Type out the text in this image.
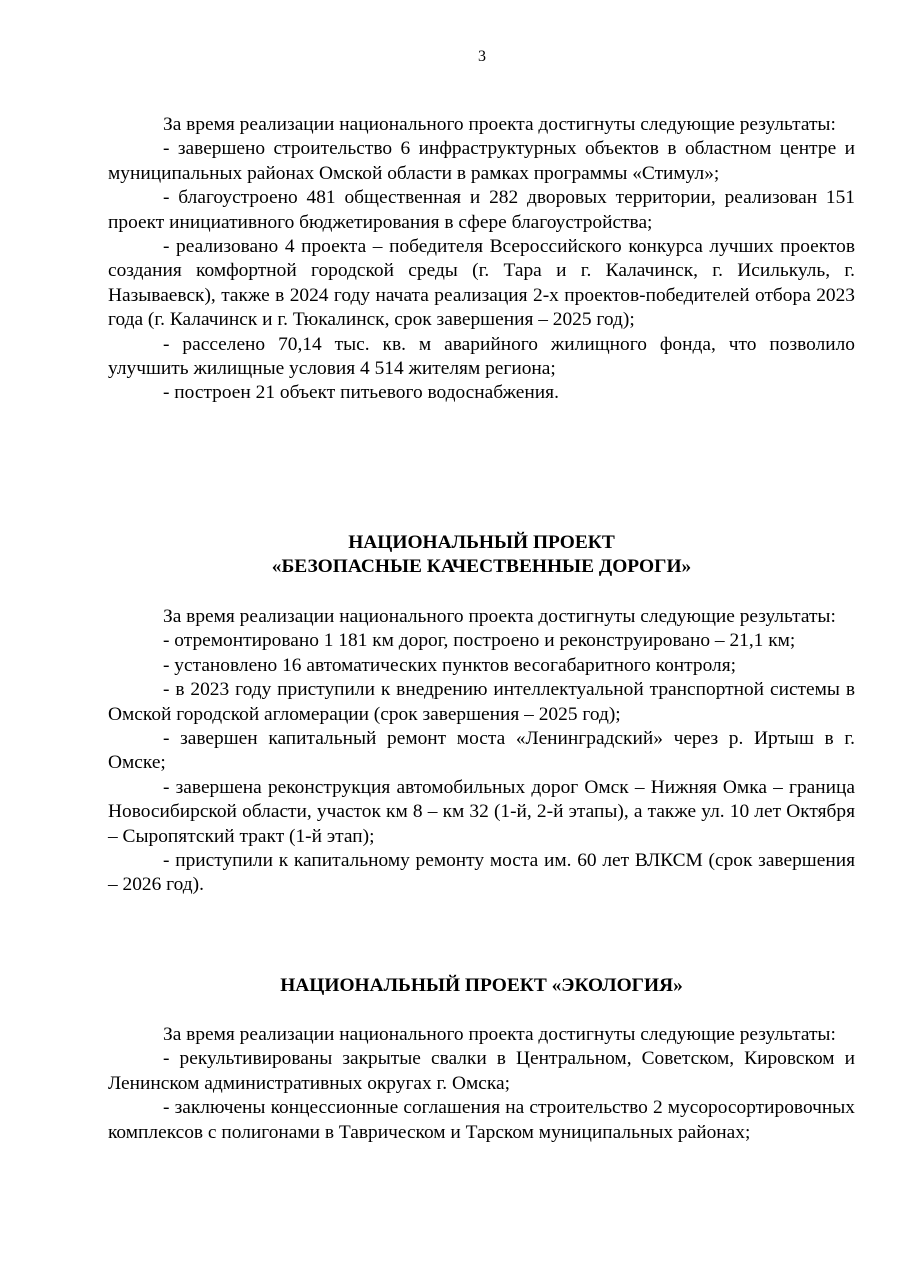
3

За время реализации национального проекта достигнуты следующие результаты:

- завершено строительство 6 инфраструктурных объектов в областном центре и муниципальных районах Омской области в рамках программы «Стимул»;

- благоустроено 481 общественная и 282 дворовых территории, реализован 151 проект инициативного бюджетирования в сфере благоустройства;

- реализовано 4 проекта – победителя Всероссийского конкурса лучших проектов создания комфортной городской среды (г. Тара и г. Калачинск, г. Исилькуль, г. Называевск), также в 2024 году начата реализация 2-х проектов-победителей отбора 2023 года (г. Калачинск и г. Тюкалинск, срок завершения – 2025 год);

- расселено 70,14 тыс. кв. м аварийного жилищного фонда, что позволило улучшить жилищные условия 4 514 жителям региона;

- построен 21 объект питьевого водоснабжения.

НАЦИОНАЛЬНЫЙ ПРОЕКТ

«БЕЗОПАСНЫЕ КАЧЕСТВЕННЫЕ ДОРОГИ»

За время реализации национального проекта достигнуты следующие результаты:

- отремонтировано 1 181 км дорог, построено и реконструировано – 21,1 км;

- установлено 16 автоматических пунктов весогабаритного контроля;

- в 2023 году приступили к внедрению интеллектуальной транспортной системы в Омской городской агломерации (срок завершения – 2025 год);

- завершен капитальный ремонт моста «Ленинградский» через р. Иртыш в г. Омске;

- завершена реконструкция автомобильных дорог Омск – Нижняя Омка – граница Новосибирской области, участок км 8 – км 32 (1-й, 2-й этапы), а также ул. 10 лет Октября – Сыропятский тракт (1-й этап);

- приступили к капитальному ремонту моста им. 60 лет ВЛКСМ (срок завершения – 2026 год).

НАЦИОНАЛЬНЫЙ ПРОЕКТ «ЭКОЛОГИЯ»

За время реализации национального проекта достигнуты следующие результаты:

- рекультивированы закрытые свалки в Центральном, Советском, Кировском и Ленинском административных округах г. Омска;

- заключены концессионные соглашения на строительство 2 мусоросортировочных комплексов с полигонами в Таврическом и Тарском муниципальных районах;
